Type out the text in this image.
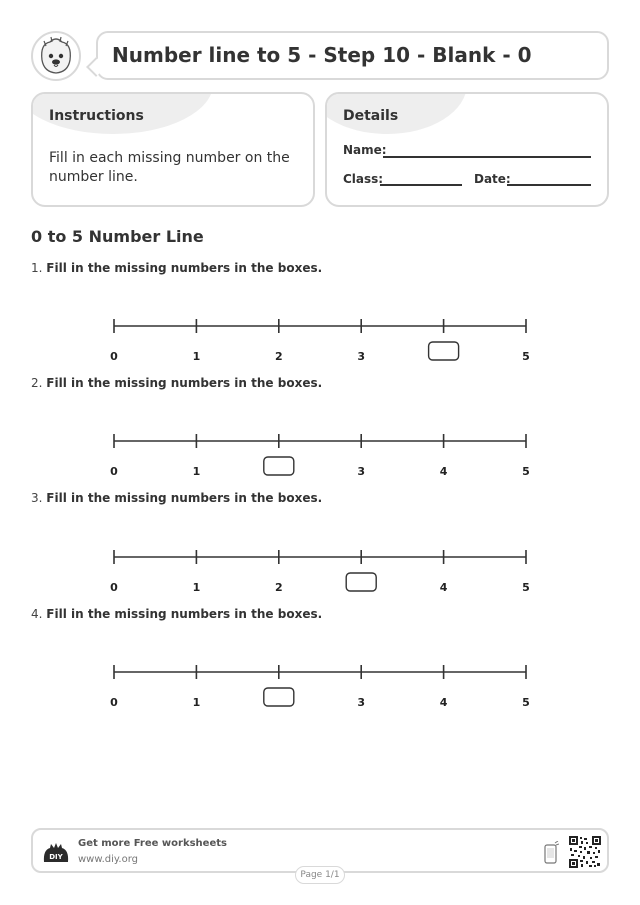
Number line to 5 - Step 10 - Blank - 0
Instructions
Fill in each missing number on the number line.
Details
Name:
Class:	Date:
0 to 5 Number Line
1. Fill in the missing numbers in the boxes.
0	1	2	3	5
2. Fill in the missing numbers in the boxes.
0	1	3	4	5
3. Fill in the missing numbers in the boxes.
0	1	2	4	5
4. Fill in the missing numbers in the boxes.
0	1	3	4	5
DIY
Get more Free worksheets
www.diy.org
Page 1/1
